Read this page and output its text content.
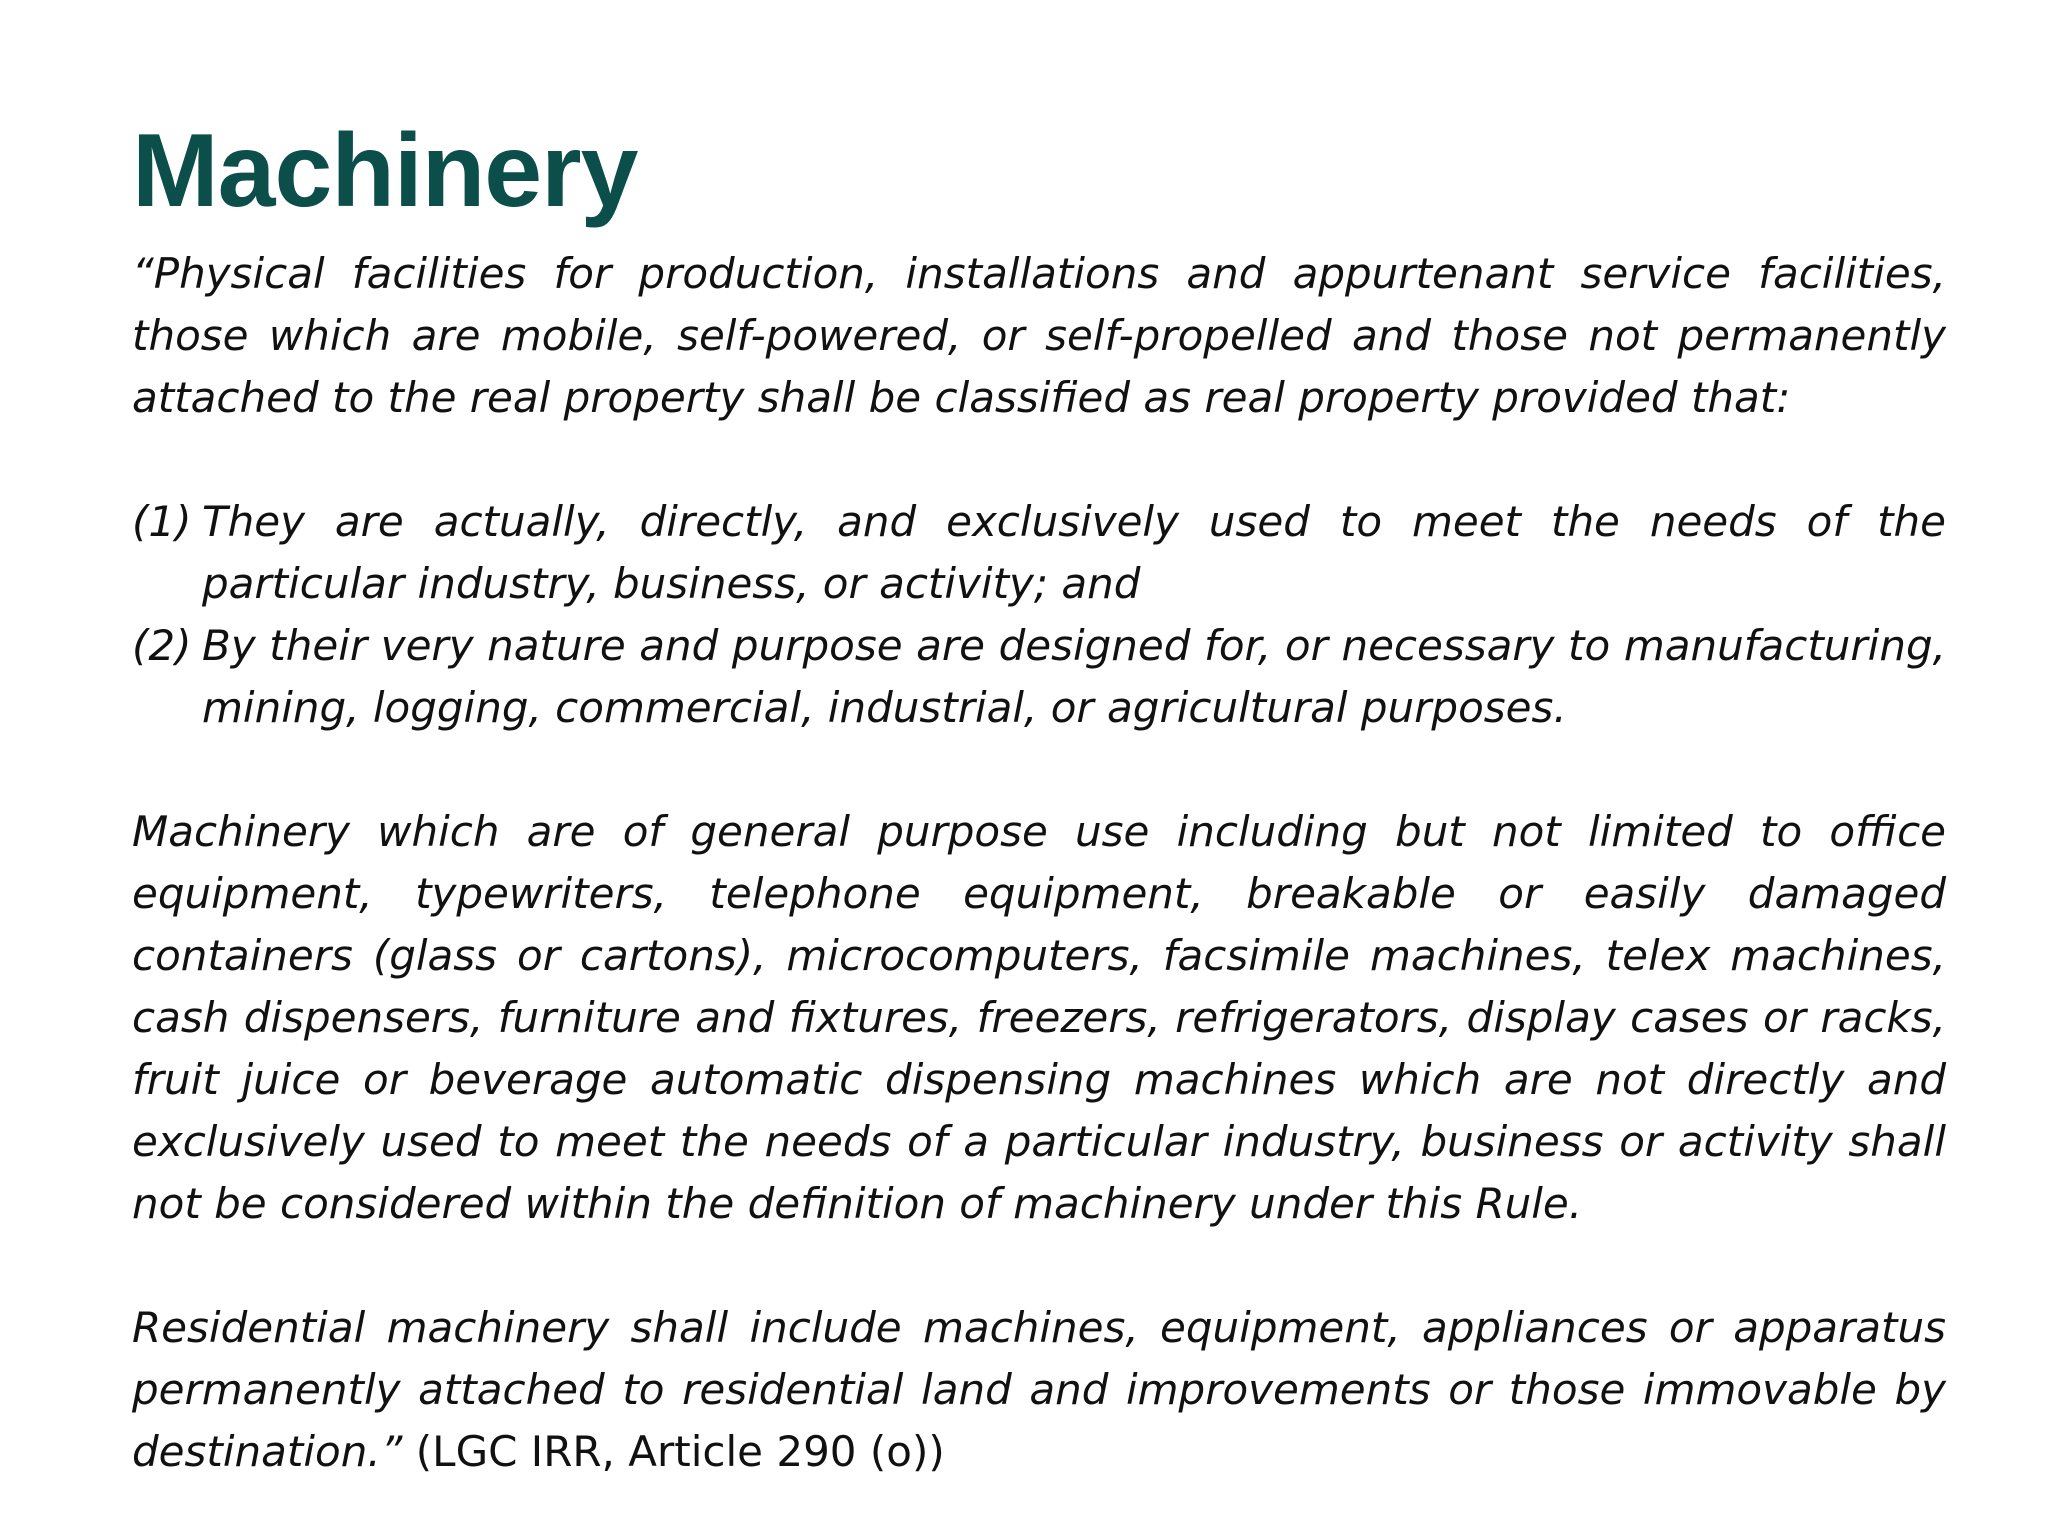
Machinery

“Physical facilities for production, installations and appurtenant service facilities, those which are mobile, self-powered, or self-propelled and those not permanently attached to the real property shall be classified as real property provided that:

(1) They are actually, directly, and exclusively used to meet the needs of the particular industry, business, or activity; and
(2) By their very nature and purpose are designed for, or necessary to manufacturing, mining, logging, commercial, industrial, or agricultural purposes.

Machinery which are of general purpose use including but not limited to office equipment, typewriters, telephone equipment, breakable or easily damaged containers (glass or cartons), microcomputers, facsimile machines, telex machines, cash dispensers, furniture and fixtures, freezers, refrigerators, display cases or racks, fruit juice or beverage automatic dispensing machines which are not directly and exclusively used to meet the needs of a particular industry, business or activity shall not be considered within the definition of machinery under this Rule.

Residential machinery shall include machines, equipment, appliances or apparatus permanently attached to residential land and improvements or those immovable by destination.” (LGC IRR, Article 290 (o))
